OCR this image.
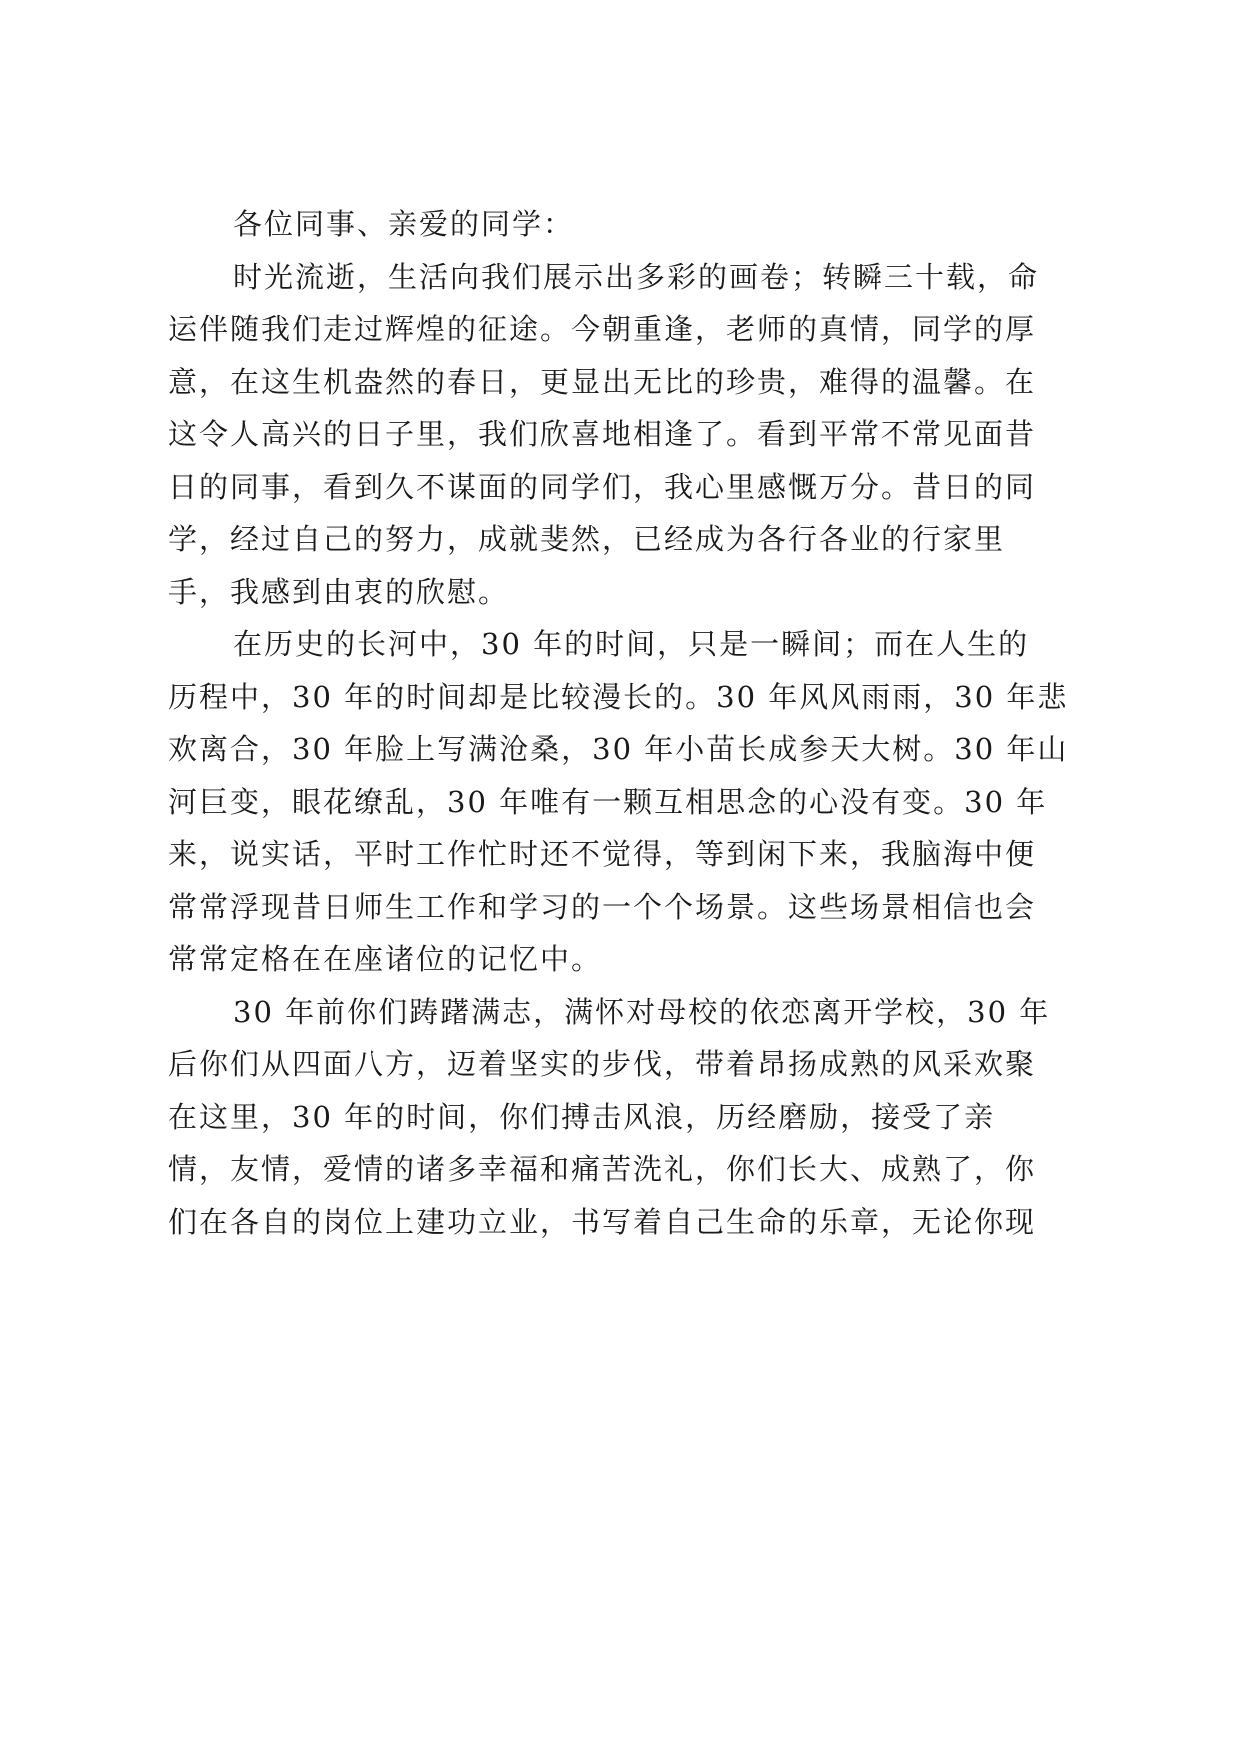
各位同事、亲爱的同学：
时光流逝，生活向我们展示出多彩的画卷；转瞬三十载，命
运伴随我们走过辉煌的征途。今朝重逢，老师的真情，同学的厚
意，在这生机盎然的春日，更显出无比的珍贵，难得的温馨。在
这令人高兴的日子里，我们欣喜地相逢了。看到平常不常见面昔
日的同事，看到久不谋面的同学们，我心里感慨万分。昔日的同
学，经过自己的努力，成就斐然，已经成为各行各业的行家里
手，我感到由衷的欣慰。
在历史的长河中，30 年的时间，只是一瞬间；而在人生的
历程中，30 年的时间却是比较漫长的。30 年风风雨雨，30 年悲
欢离合，30 年脸上写满沧桑，30 年小苗长成参天大树。30 年山
河巨变，眼花缭乱，30 年唯有一颗互相思念的心没有变。30 年
来，说实话，平时工作忙时还不觉得，等到闲下来，我脑海中便
常常浮现昔日师生工作和学习的一个个场景。这些场景相信也会
常常定格在在座诸位的记忆中。
30 年前你们踌躇满志，满怀对母校的依恋离开学校，30 年
后你们从四面八方，迈着坚实的步伐，带着昂扬成熟的风采欢聚
在这里，30 年的时间，你们搏击风浪，历经磨励，接受了亲
情，友情，爱情的诸多幸福和痛苦洗礼，你们长大、成熟了，你
们在各自的岗位上建功立业，书写着自己生命的乐章，无论你现
